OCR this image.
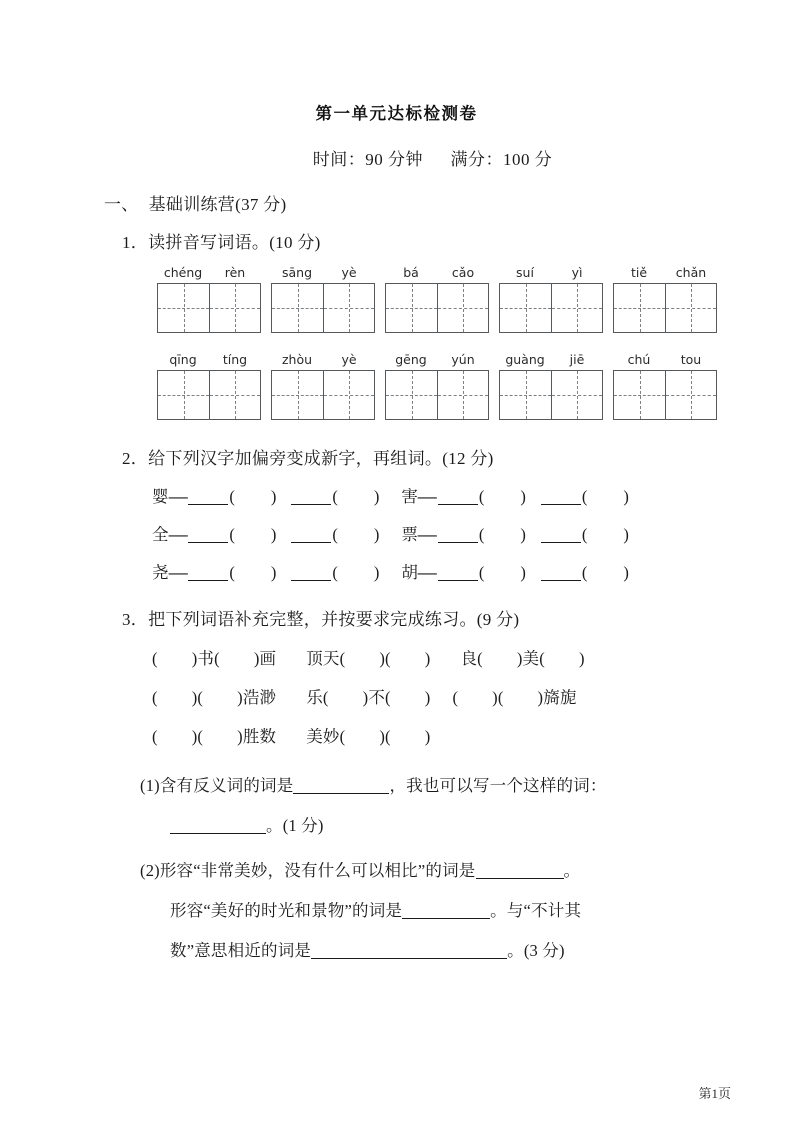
第一单元达标检测卷
时间：90 分钟 满分：100 分
一、 基础训练营(37 分)
1．读拼音写词语。(10 分)
chéng	rèn	sāng	yè	bá	cǎo	suí	yì	tiě	chǎn
qīng	tíng	zhòu	yè	gēng	yún	guàng	jiē	chú	tou
2．给下列汉字加偏旁变成新字，再组词。(12 分)
婴—	( )	( ) 害—	( )	( )
全—	( )	( ) 票—	( )	( )
尧—	( )	( ) 胡—	( )	( )
3．把下列词语补充完整，并按要求完成练习。(9 分)
( )书( )画 顶天( )( ) 良( )美( )
( )( )浩渺 乐( )不( ) ( )( )旖旎
( )( )胜数 美妙( )( )
(1)含有反义词的词是	，我也可以写一个这样的词：
。(1 分)
(2)形容“非常美妙，没有什么可以相比”的词是	。
形容“美好的时光和景物”的词是	。与“不计其
数”意思相近的词是	。(3 分)
第1页
